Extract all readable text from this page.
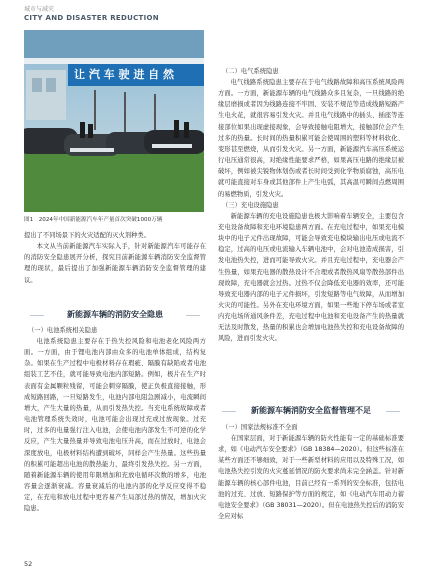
城市与减灾
CITY AND DISASTER REDUCTION
让 汽 车 驶 进 自 然
图1　2024年中国新能源汽车年产量首次突破1000万辆

提出了不同场景下的火灾适配的灭火剂种类。

本文从当前新能源汽车实际入手，针对新能源汽车可能存在的消防安全隐患展开分析，探究目前新能源车辆消防安全监督管理的现状，最后提出了加强新能源车辆消防安全监督管理的建议。

新能源车辆的消防安全隐患

（一）电池系统相关隐患

电池系统隐患主要存在于热失控风险和电池老化风险两方面。一方面，由于锂电池内部由众多的电池单体组成，结构复杂。如果在生产过程中电极材料存在瑕疵、隔膜有缺陷或者电池组装工艺不佳，就可能导致电池内部短路。例如，极片在生产时表面有金属颗粒残留，可能会刺穿隔膜，使正负极直接接触，形成短路回路，一旦短路发生，电池内部电阻急剧减小，电流瞬间增大，产生大量的热量，从而引发热失控。当充电系统故障或者电池管理系统失效时，电池可能会出现过充或过放现象。过充时，过多的电量强行注入电池，会使电池内部发生不可逆的化学反应，产生大量热量并导致电池电压升高，而在过放时，电池会深度放电，电极材料结构遭到破坏，同样会产生热量。这些热量的积累可能超出电池的散热能力，最终引发热失控。另一方面，随着新能源车辆的使用年限增加和充放电循环次数的增多，电池容量会逐渐衰减。容量衰减后的电池内部的化学反应变得不稳定，在充电和放电过程中更容易产生局部过热的情况，增加火灾隐患。

（二）电气系统隐患

电气线路系统隐患主要存在于电气线路故障和高压系统风险两方面。一方面，新能源车辆的电气线路众多且复杂，一旦线路的绝缘层磨损或者因为线路连接不牢固、安装不规范等造成线路短路产生电火花，就很容易引发火灾。并且电气线路中的插头、插座等连接部位如果出现虚接现象，会导致接触电阻增大，接触部位会产生过多的热量。长时间的热量积累可能会使周围的塑料等材料软化、变形甚至燃烧，从而引发火灾。另一方面，新能源汽车高压系统运行电压通常很高，对绝缘性能要求严格，如果高压电路的绝缘层被破坏，例如被尖锐物体划伤或者长时间受到化学物质腐蚀，高压电就可能直接对车身或其他部件上产生电弧，其高温可瞬间点燃周围的易燃物质，引发火灾。

（三）充电设施隐患

新能源车辆的充电设施隐患也极大影响着车辆安全，主要包含充电设备故障和充电环境隐患两方面。在充电过程中，如果充电模块中的电子元件出现故障，可能会导致充电模块输出电压或电流不稳定，过高的电压或电流输入车辆电池中，会对电池造成损害，引发电池热失控，进而可能导致火灾。并且充电过程中，充电器会产生热量，如果充电器的散热设计不合理或者散热风扇等散热部件出现故障，充电器就会过热。过热不仅会降低充电器的效率，还可能导致充电器内部的电子元件损坏，引发短路等电气故障，从而增加火灾的可能性。另外在充电环境方面，如果一些地下停车场或者室内充电场所通风条件差，充电过程中电池和充电设备产生的热量就无法及时散发，热量的积累也会增加电池热失控和充电设备故障的风险，进而引发火灾。

新能源车辆消防安全监督管理不足

（一）国家法规标准不全面

在国家层面，对于新能源车辆的防火性能有一定的基础标准要求，如《电动汽车安全要求》（GB 18384—2020）。但这些标准在某些方面还不够细致，对于一些新型材料的应用以及特殊工况，如电池热失控引发的火灾蔓延情况的防火要求尚未完全涵盖。针对新能源车辆的核心部件电池，目前已经有一系列的安全标准，包括电池的过充、过放、短路保护等方面的规定，如《电动汽车用动力蓄电池安全要求》（GB 38031—2020）。但在电池热失控后的消防安全应对标

52
